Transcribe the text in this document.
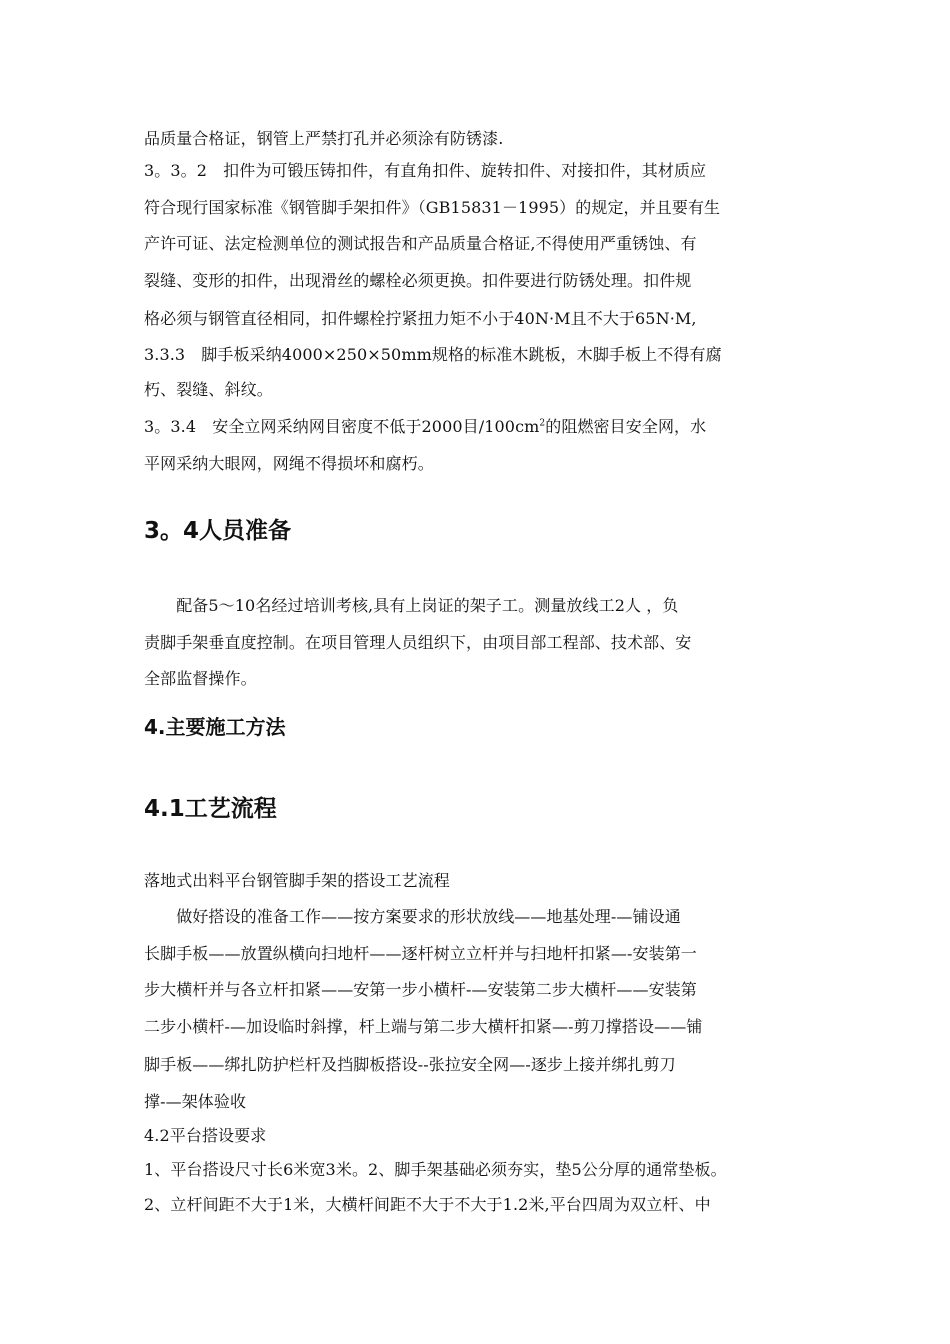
品质量合格证，钢管上严禁打孔并必须涂有防锈漆.
3。3。2　扣件为可锻压铸扣件，有直角扣件、旋转扣件、对接扣件，其材质应
符合现行国家标准《钢管脚手架扣件》（GB15831－1995）的规定，并且要有生
产许可证、法定检测单位的测试报告和产品质量合格证,不得使用严重锈蚀、有
裂缝、变形的扣件，出现滑丝的螺栓必须更换。扣件要进行防锈处理。扣件规
格必须与钢管直径相同，扣件螺栓拧紧扭力矩不小于40N·M且不大于65N·M,
3.3.3　脚手板采纳4000×250×50mm规格的标准木跳板，木脚手板上不得有腐
朽、裂缝、斜纹。
3。3.4　安全立网采纳网目密度不低于2000目$/100cm^2$的阻燃密目安全网，水
平网采纳大眼网，网绳不得损坏和腐朽。
3。4人员准备
　　配备5～10名经过培训考核,具有上岗证的架子工。测量放线工2人 ，负
责脚手架垂直度控制。在项目管理人员组织下，由项目部工程部、技术部、安
全部监督操作。
4.主要施工方法
4.1工艺流程
落地式出料平台钢管脚手架的搭设工艺流程
　　做好搭设的准备工作——按方案要求的形状放线——地基处理-—铺设通
长脚手板——放置纵横向扫地杆——逐杆树立立杆并与扫地杆扣紧—-安装第一
步大横杆并与各立杆扣紧——安第一步小横杆-—安装第二步大横杆——安装第
二步小横杆-—加设临时斜撑，杆上端与第二步大横杆扣紧—-剪刀撑搭设——铺
脚手板——绑扎防护栏杆及挡脚板搭设--张拉安全网—-逐步上接并绑扎剪刀
撑-—架体验收
4.2平台搭设要求
1、平台搭设尺寸长6米宽3米。2、脚手架基础必须夯实，垫5公分厚的通常垫板。
2、立杆间距不大于1米，大横杆间距不大于不大于1.2米,平台四周为双立杆、中
